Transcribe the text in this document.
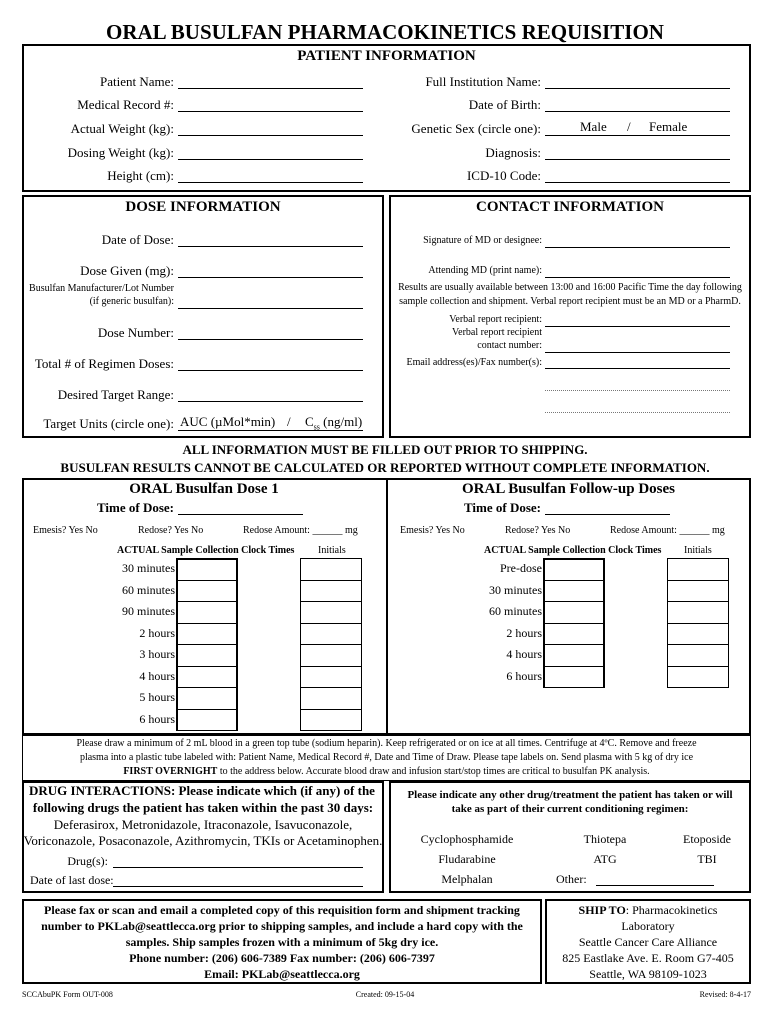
ORAL BUSULFAN PHARMACOKINETICS REQUISITION
PATIENT INFORMATION
Patient Name:
Medical Record #:
Actual Weight (kg):
Dosing Weight (kg):
Height (cm):
Full Institution Name:
Date of Birth:
Genetic Sex (circle one):	Male / Female
Diagnosis:
ICD-10 Code:
DOSE INFORMATION
Date of Dose:
Dose Given (mg):
Busulfan Manufacturer/Lot Number
(if generic busulfan):
Dose Number:
Total # of Regimen Doses:
Desired Target Range:
Target Units (circle one): AUC $(\mu Mol*\min) / C_{ss}$ (ng/ml)
CONTACT INFORMATION
Signature of MD or designee:
Attending MD (print name):
Results are usually available between 13:00 and 16:00 Pacific Time the day following
sample collection and shipment. Verbal report recipient must be an MD or a PharmD.
Verbal report recipient:
Verbal report recipient
contact number:
Email address(es)/Fax number(s):
ALL INFORMATION MUST BE FILLED OUT PRIOR TO SHIPPING.
BUSULFAN RESULTS CANNOT BE CALCULATED OR REPORTED WITHOUT COMPLETE INFORMATION.
ORAL Busulfan Dose 1
Time of Dose:
Emesis? Yes No	Redose? Yes No	Redose Amount: ______ mg
ACTUAL Sample Collection Clock Times Initials
30 minutes
60 minutes
90 minutes
2 hours
3 hours
4 hours
5 hours
6 hours
ORAL Busulfan Follow-up Doses
Time of Dose:
Emesis? Yes No	Redose? Yes No	Redose Amount: ______ mg
ACTUAL Sample Collection Clock Times Initials
Pre-dose
30 minutes
60 minutes
2 hours
4 hours
6 hours
Please draw a minimum of 2 mL blood in a green top tube (sodium heparin). Keep refrigerated or on ice at all times. Centrifuge at 4ºC. Remove and freeze
plasma into a plastic tube labeled with: Patient Name, Medical Record #, Date and Time of Draw. Please tape labels on. Send plasma with 5 kg of dry ice
FIRST OVERNIGHT to the address below. Accurate blood draw and infusion start/stop times are critical to busulfan PK analysis.
DRUG INTERACTIONS: Please indicate which (if any) of the
following drugs the patient has taken within the past 30 days:
Deferasirox, Metronidazole, Itraconazole, Isavuconazole,
Voriconazole, Posaconazole, Azithromycin, TKIs or Acetaminophen.
Drug(s):
Date of last dose:
Please indicate any other drug/treatment the patient has taken or will
take as part of their current conditioning regimen:
Cyclophosphamide	Thiotepa	Etoposide
Fludarabine	ATG	TBI
Melphalan	Other:
Please fax or scan and email a completed copy of this requisition form and shipment tracking
number to PKLab@seattlecca.org prior to shipping samples, and include a hard copy with the
samples. Ship samples frozen with a minimum of 5kg dry ice.
Phone number: (206) 606-7389 Fax number: (206) 606-7397
Email: PKLab@seattlecca.org
SHIP TO: Pharmacokinetics
Laboratory
Seattle Cancer Care Alliance
825 Eastlake Ave. E. Room G7-405
Seattle, WA 98109-1023
SCCAbuPK Form OUT-008	Created: 09-15-04	Revised: 8-4-17
